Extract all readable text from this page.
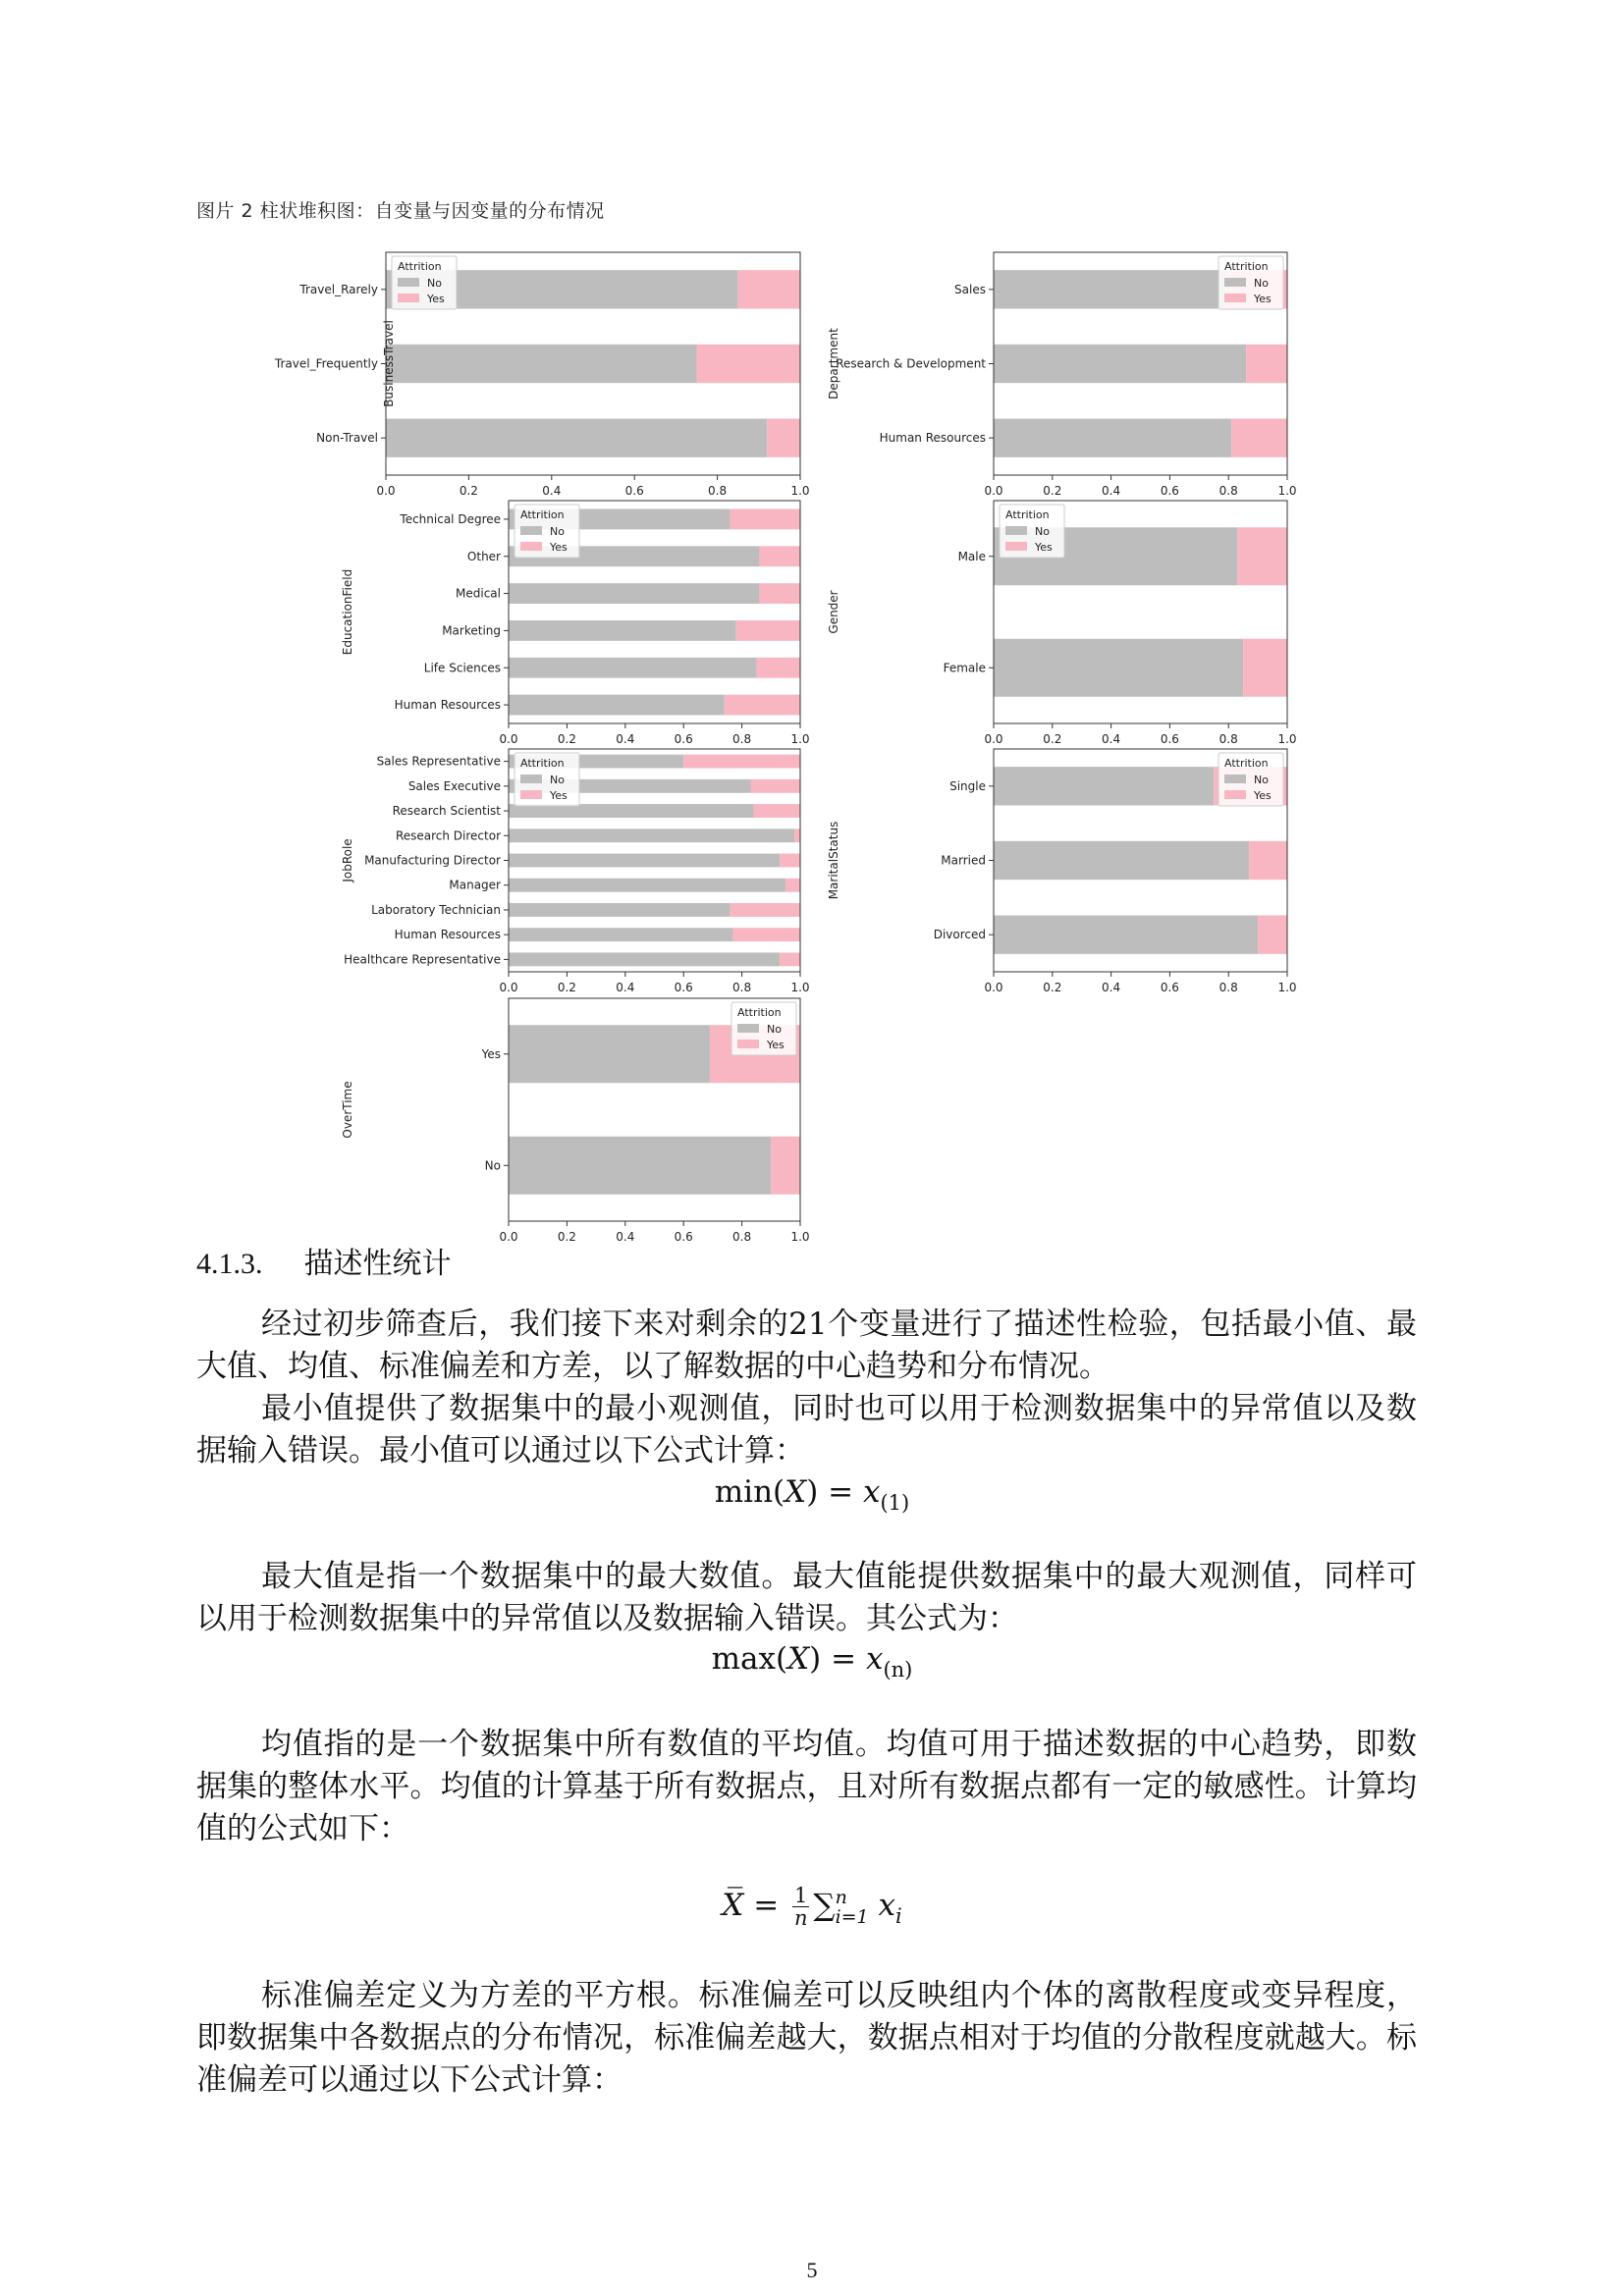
图片 2 柱状堆积图：自变量与因变量的分布情况
Travel_Rarely
Travel_Frequently
Non-Travel
0.0	0.2	0.4	0.6	0.8	1.0
BusinessTravel
Attrition
No
Yes
Sales
Research & Development
Human Resources
0.0	0.2	0.4	0.6	0.8	1.0
Department
Attrition
No
Yes
Technical Degree
Other
Medical
Marketing
Life Sciences
Human Resources
0.0	0.2	0.4	0.6	0.8	1.0
EducationField
Attrition
No
Yes
Male
Female
0.0	0.2	0.4	0.6	0.8	1.0
Gender
Attrition
No
Yes
Sales Representative
Sales Executive
Research Scientist
Research Director
Manufacturing Director
Manager
Laboratory Technician
Human Resources
Healthcare Representative
0.0	0.2	0.4	0.6	0.8	1.0
JobRole
Attrition
No
Yes
Single
Married
Divorced
0.0	0.2	0.4	0.6	0.8	1.0
MaritalStatus
Attrition
No
Yes
Yes
No
0.0	0.2	0.4	0.6	0.8	1.0
OverTime
Attrition
No
Yes
4.1.3. 描述性统计
经过初步筛查后，我们接下来对剩余的21个变量进行了描述性检验，包括最小值、最大值、均值、标准偏差和方差，以了解数据的中心趋势和分布情况。
最小值提供了数据集中的最小观测值，同时也可以用于检测数据集中的异常值以及数据输入错误。最小值可以通过以下公式计算：
$\min(X) = x_{(1)}$
最大值是指一个数据集中的最大数值。最大值能提供数据集中的最大观测值，同样可以用于检测数据集中的异常值以及数据输入错误。其公式为：
$\max(X) = x_{(n)}$
均值指的是一个数据集中所有数值的平均值。均值可用于描述数据的中心趋势，即数据集的整体水平。均值的计算基于所有数据点，且对所有数据点都有一定的敏感性。计算均值的公式如下：
X̅ = $\frac{1}{n}$ ∑ n
i=1 $x_i$
标准偏差定义为方差的平方根。标准偏差可以反映组内个体的离散程度或变异程度，即数据集中各数据点的分布情况，标准偏差越大，数据点相对于均值的分散程度就越大。标准偏差可以通过以下公式计算：
5
